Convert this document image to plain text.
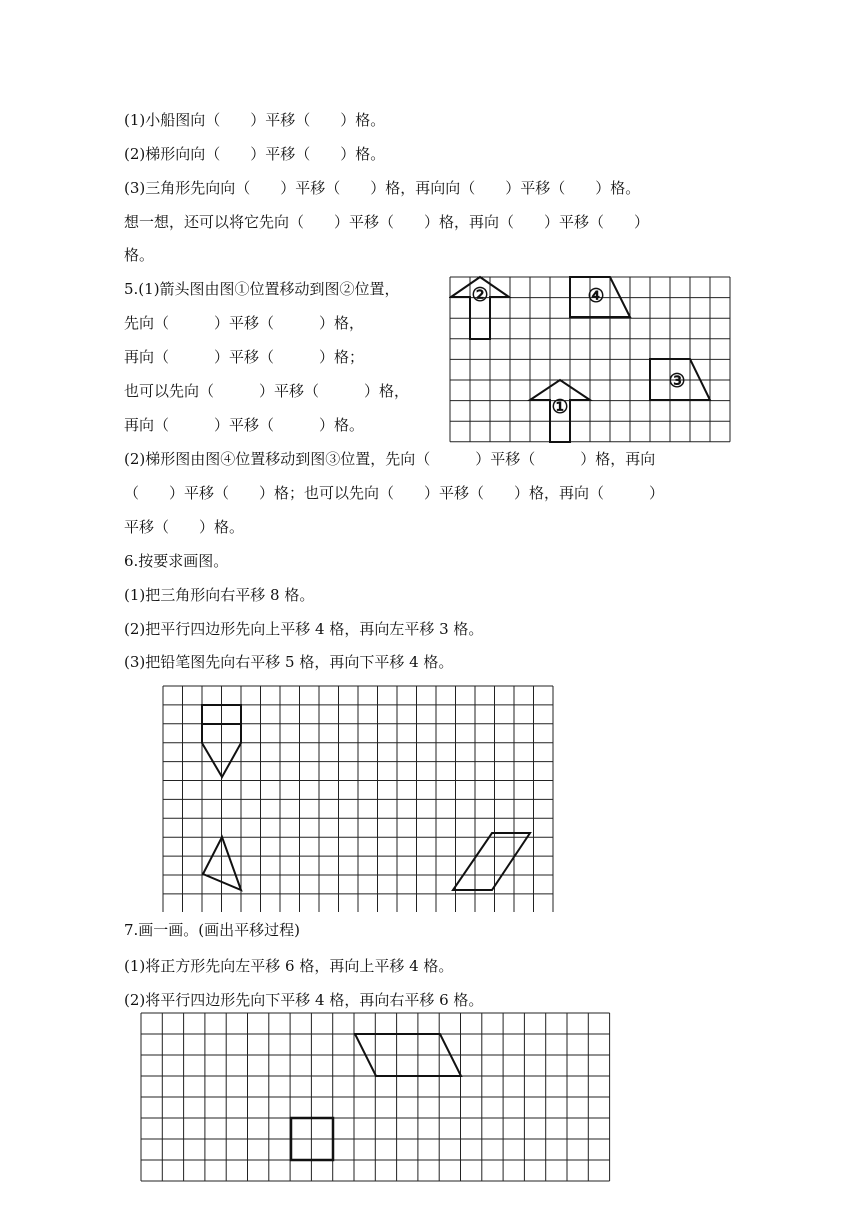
(1)小船图向（　　）平移（　　）格。
(2)梯形向向（　　）平移（　　）格。
(3)三角形先向向（　　）平移（　　）格，再向向（　　）平移（　　）格。
想一想，还可以将它先向（　　）平移（　　）格，再向（　　）平移（　　）
格。
5.(1)箭头图由图①位置移动到图②位置，
先向（　　　）平移（　　　）格，
再向（　　　）平移（　　　）格；
也可以先向（　　　）平移（　　　）格，
再向（　　　）平移（　　　）格。
(2)梯形图由图④位置移动到图③位置，先向（　　　）平移（　　　）格，再向
（　　）平移（　　）格；也可以先向（　　）平移（　　）格，再向（　　　）
平移（　　）格。
②	④
③
①
6.按要求画图。
(1)把三角形向右平移 8 格。
(2)把平行四边形先向上平移 4 格，再向左平移 3 格。
(3)把铅笔图先向右平移 5 格，再向下平移 4 格。
7.画一画。(画出平移过程)
(1)将正方形先向左平移 6 格，再向上平移 4 格。
(2)将平行四边形先向下平移 4 格，再向右平移 6 格。
